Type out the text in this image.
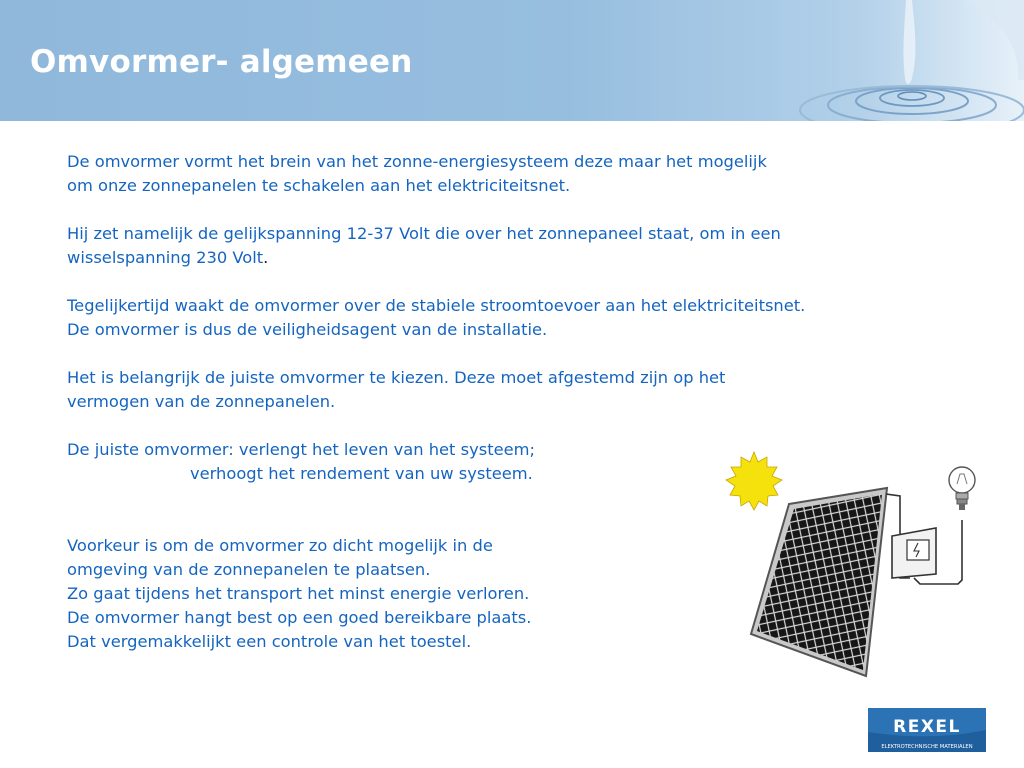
Omvormer- algemeen

De omvormer vormt het brein van het zonne-energiesysteem deze maar het mogelijk
om onze zonnepanelen te schakelen aan het elektriciteitsnet.

Hij zet namelijk de gelijkspanning 12-37 Volt die over het zonnepaneel staat, om in een
wisselspanning 230 Volt.

Tegelijkertijd waakt de omvormer over de stabiele stroomtoevoer aan het elektriciteitsnet.
De omvormer is dus de veiligheidsagent van de installatie.

Het is belangrijk de juiste omvormer te kiezen. Deze moet afgestemd zijn op het
vermogen van de zonnepanelen.

De juiste omvormer: verlengt het leven van het systeem;
verhoogt het rendement van uw systeem.

Voorkeur is om de omvormer zo dicht mogelijk in de
omgeving van de zonnepanelen te plaatsen.
Zo gaat tijdens het transport het minst energie verloren.
De omvormer hangt best op een goed bereikbare plaats.
Dat vergemakkelijkt een controle van het toestel.

REXEL
ELEKTROTECHNISCHE MATERIALEN
